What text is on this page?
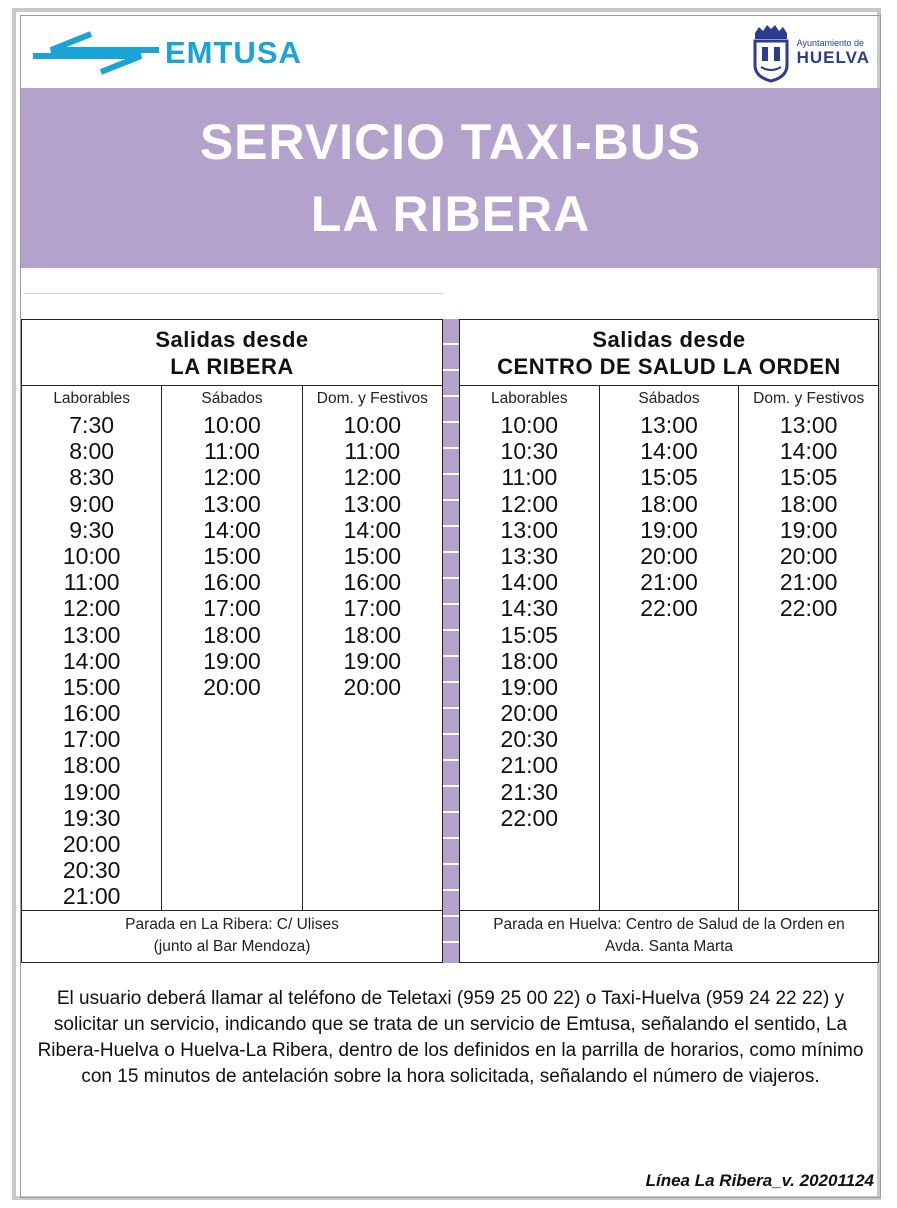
EMTUSA	Ayuntamiento de
HUELVA
SERVICIO TAXI-BUS
LA RIBERA
Salidas desde
LA RIBERA
Laborables
7:30
8:00
8:30
9:00
9:30
10:00
11:00
12:00
13:00
14:00
15:00
16:00
17:00
18:00
19:00
19:30
20:00
20:30
21:00
Sábados
10:00
11:00
12:00
13:00
14:00
15:00
16:00
17:00
18:00
19:00
20:00
Dom. y Festivos
10:00
11:00
12:00
13:00
14:00
15:00
16:00
17:00
18:00
19:00
20:00
Parada en La Ribera: C/ Ulises
(junto al Bar Mendoza)
Salidas desde
CENTRO DE SALUD LA ORDEN
Laborables
10:00
10:30
11:00
12:00
13:00
13:30
14:00
14:30
15:05
18:00
19:00
20:00
20:30
21:00
21:30
22:00
Sábados
13:00
14:00
15:05
18:00
19:00
20:00
21:00
22:00
Dom. y Festivos
13:00
14:00
15:05
18:00
19:00
20:00
21:00
22:00
Parada en Huelva: Centro de Salud de la Orden en
Avda. Santa Marta
El usuario deberá llamar al teléfono de Teletaxi (959 25 00 22) o Taxi-Huelva (959 24 22 22) y solicitar un servicio, indicando que se trata de un servicio de Emtusa, señalando el sentido, La Ribera-Huelva o Huelva-La Ribera, dentro de los definidos en la parrilla de horarios, como mínimo con 15 minutos de antelación sobre la hora solicitada, señalando el número de viajeros.
Línea La Ribera_v. 20201124
